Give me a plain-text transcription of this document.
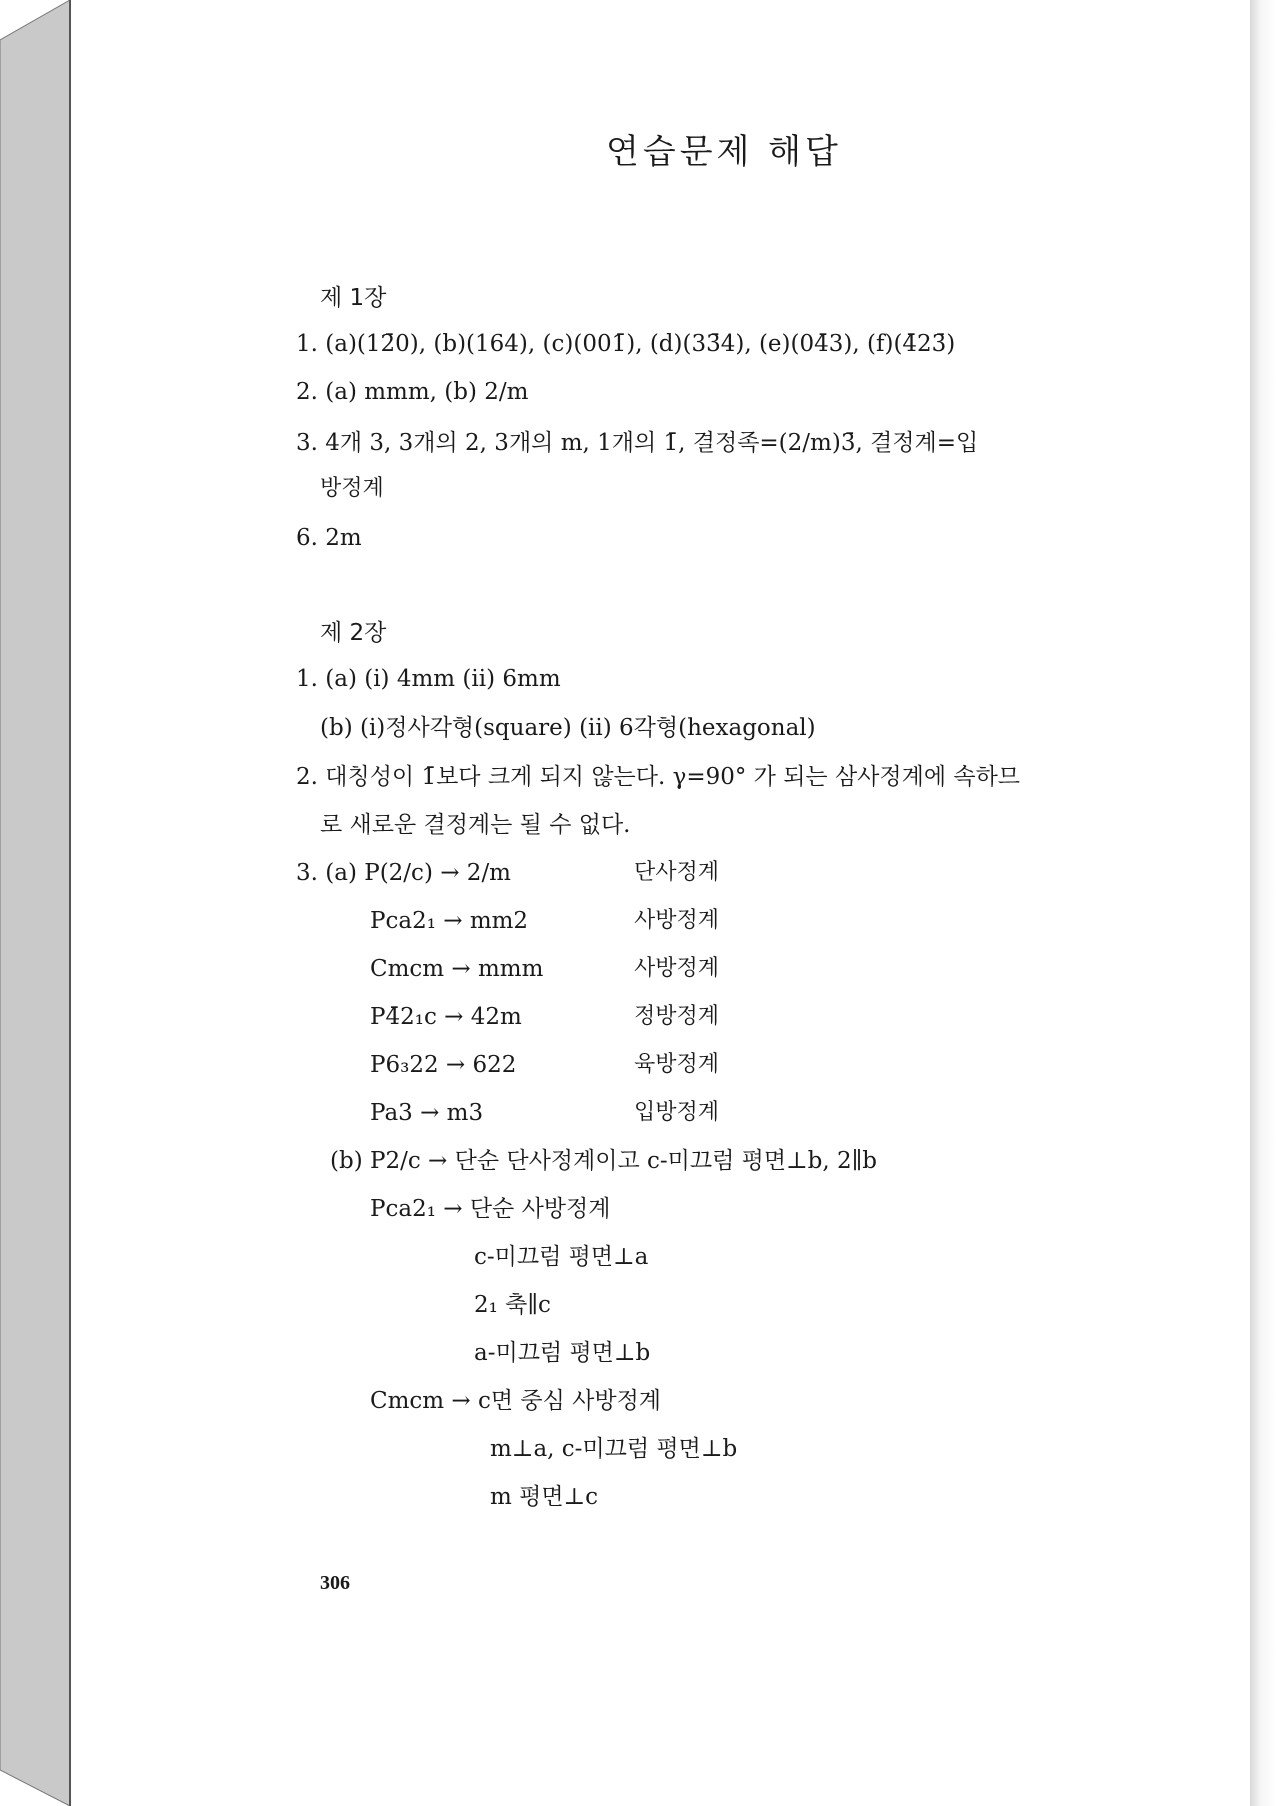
연습문제 해답
제 1장
1. (a)(12̄0), (b)(164), (c)(001̄), (d)(33̄4), (e)(04̄3), (f)(4̄23̄)
2. (a) mmm, (b) 2/m
3. 4개 3, 3개의 2, 3개의 m, 1개의 1̄, 결정족=(2/m)3̄, 결정계=입
방정계
6. 2m
제 2장
1. (a) (i) 4mm (ii) 6mm
(b) (i)정사각형(square) (ii) 6각형(hexagonal)
2. 대칭성이 1̄보다 크게 되지 않는다. γ=90° 가 되는 삼사정계에 속하므
로 새로운 결정계는 될 수 없다.
3. (a) P(2/c) → 2/m	단사정계
Pca2₁ → mm2	사방정계
Cmcm → mmm	사방정계
P4̄2₁c → 42m	정방정계
P6₃22 → 622	육방정계
Pa3 → m3	입방정계
(b) P2/c → 단순 단사정계이고 c-미끄럼 평면⊥b, 2∥b
Pca2₁ → 단순 사방정계
c-미끄럼 평면⊥a
2₁ 축∥c
a-미끄럼 평면⊥b
Cmcm → c면 중심 사방정계
m⊥a, c-미끄럼 평면⊥b
m 평면⊥c
306
